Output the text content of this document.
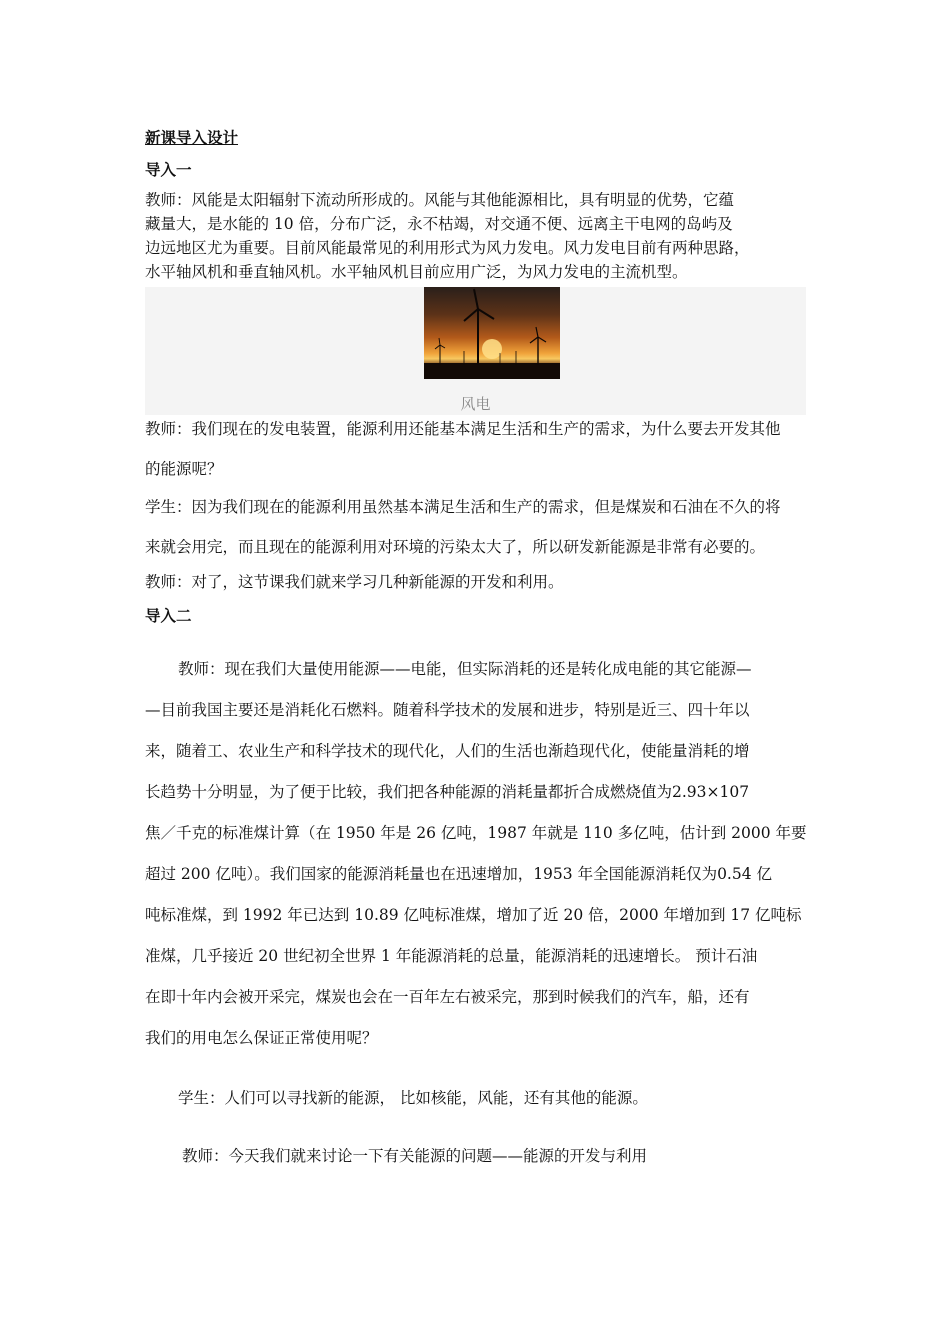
新课导入设计
导入一
教师：风能是太阳辐射下流动所形成的。风能与其他能源相比，具有明显的优势，它蕴
藏量大，是水能的 10 倍，分布广泛，永不枯竭，对交通不便、远离主干电网的岛屿及
边远地区尤为重要。目前风能最常见的利用形式为风力发电。风力发电目前有两种思路，
水平轴风机和垂直轴风机。水平轴风机目前应用广泛，为风力发电的主流机型。
风电
教师：我们现在的发电装置，能源利用还能基本满足生活和生产的需求，为什么要去开发其他
的能源呢？
学生：因为我们现在的能源利用虽然基本满足生活和生产的需求，但是煤炭和石油在不久的将
来就会用完，而且现在的能源利用对环境的污染太大了，所以研发新能源是非常有必要的。
教师：对了，这节课我们就来学习几种新能源的开发和利用。
导入二
教师：现在我们大量使用能源——电能，但实际消耗的还是转化成电能的其它能源—
—目前我国主要还是消耗化石燃料。随着科学技术的发展和进步，特别是近三、四十年以
来，随着工、农业生产和科学技术的现代化，人们的生活也渐趋现代化，使能量消耗的增
长趋势十分明显，为了便于比较，我们把各种能源的消耗量都折合成燃烧值为2.93×107
焦／千克的标准煤计算（在 1950 年是 26 亿吨，1987 年就是 110 多亿吨，估计到 2000 年要
超过 200 亿吨）。我们国家的能源消耗量也在迅速增加，1953 年全国能源消耗仅为0.54 亿
吨标准煤，到 1992 年已达到 10.89 亿吨标准煤，增加了近 20 倍，2000 年增加到 17 亿吨标
准煤，几乎接近 20 世纪初全世界 1 年能源消耗的总量，能源消耗的迅速增长。 预计石油
在即十年内会被开采完，煤炭也会在一百年左右被采完，那到时候我们的汽车，船，还有
我们的用电怎么保证正常使用呢？
学生：人们可以寻找新的能源， 比如核能，风能，还有其他的能源。
教师：今天我们就来讨论一下有关能源的问题——能源的开发与利用
